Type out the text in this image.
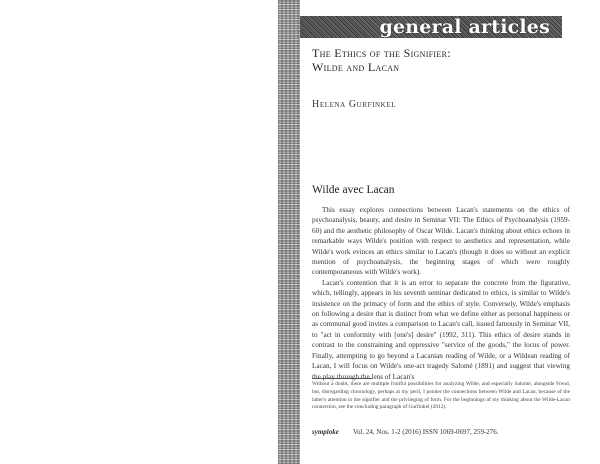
general articles
The Ethics of the Signifier:
Wilde and Lacan
Helena Gurfinkel
Wilde avec Lacan

This essay explores connections between Lacan's statements on the ethics of psychoanalysis, beauty, and desire in Seminar VII: The Ethics of Psychoanalysis (1959-60) and the aesthetic philosophy of Oscar Wilde. Lacan's thinking about ethics echoes in remarkable ways Wilde's position with respect to aesthetics and representation, while Wilde's work evinces an ethics similar to Lacan's (though it does so without an explicit mention of psychoanalysis, the beginning stages of which were roughly contemporaneous with Wilde's work).

Lacan's contention that it is an error to separate the concrete from the figurative, which, tellingly, appears in his seventh seminar dedicated to ethics, is similar to Wilde's insistence on the primacy of form and the ethics of style. Conversely, Wilde's emphasis on following a desire that is distinct from what we define either as personal happiness or as communal good invites a comparison to Lacan's call, issued famously in Seminar VII, to "act in conformity with [one's] desire" (1992, 311). This ethics of desire stands in contrast to the constraining and oppressive "service of the goods," the locus of power. Finally, attempting to go beyond a Lacanian reading of Wilde, or a Wildean reading of Lacan, I will focus on Wilde's one-act tragedy Salomé (1891) and suggest that viewing the play through the lens of Lacan's

Without a doubt, there are multiple fruitful possibilities for analyzing Wilde, and especially Salomé, alongside Freud, but, disregarding chronology, perhaps at my peril, I ponder the connections between Wilde and Lacan, because of the latter's attention to the signifier and the privileging of form. For the beginnings of my thinking about the Wilde-Lacan connection, see the concluding paragraph of Gurfinkel (2012).

symploke Vol. 24, Nos. 1-2 (2016) ISSN 1069-0697, 259-276.
